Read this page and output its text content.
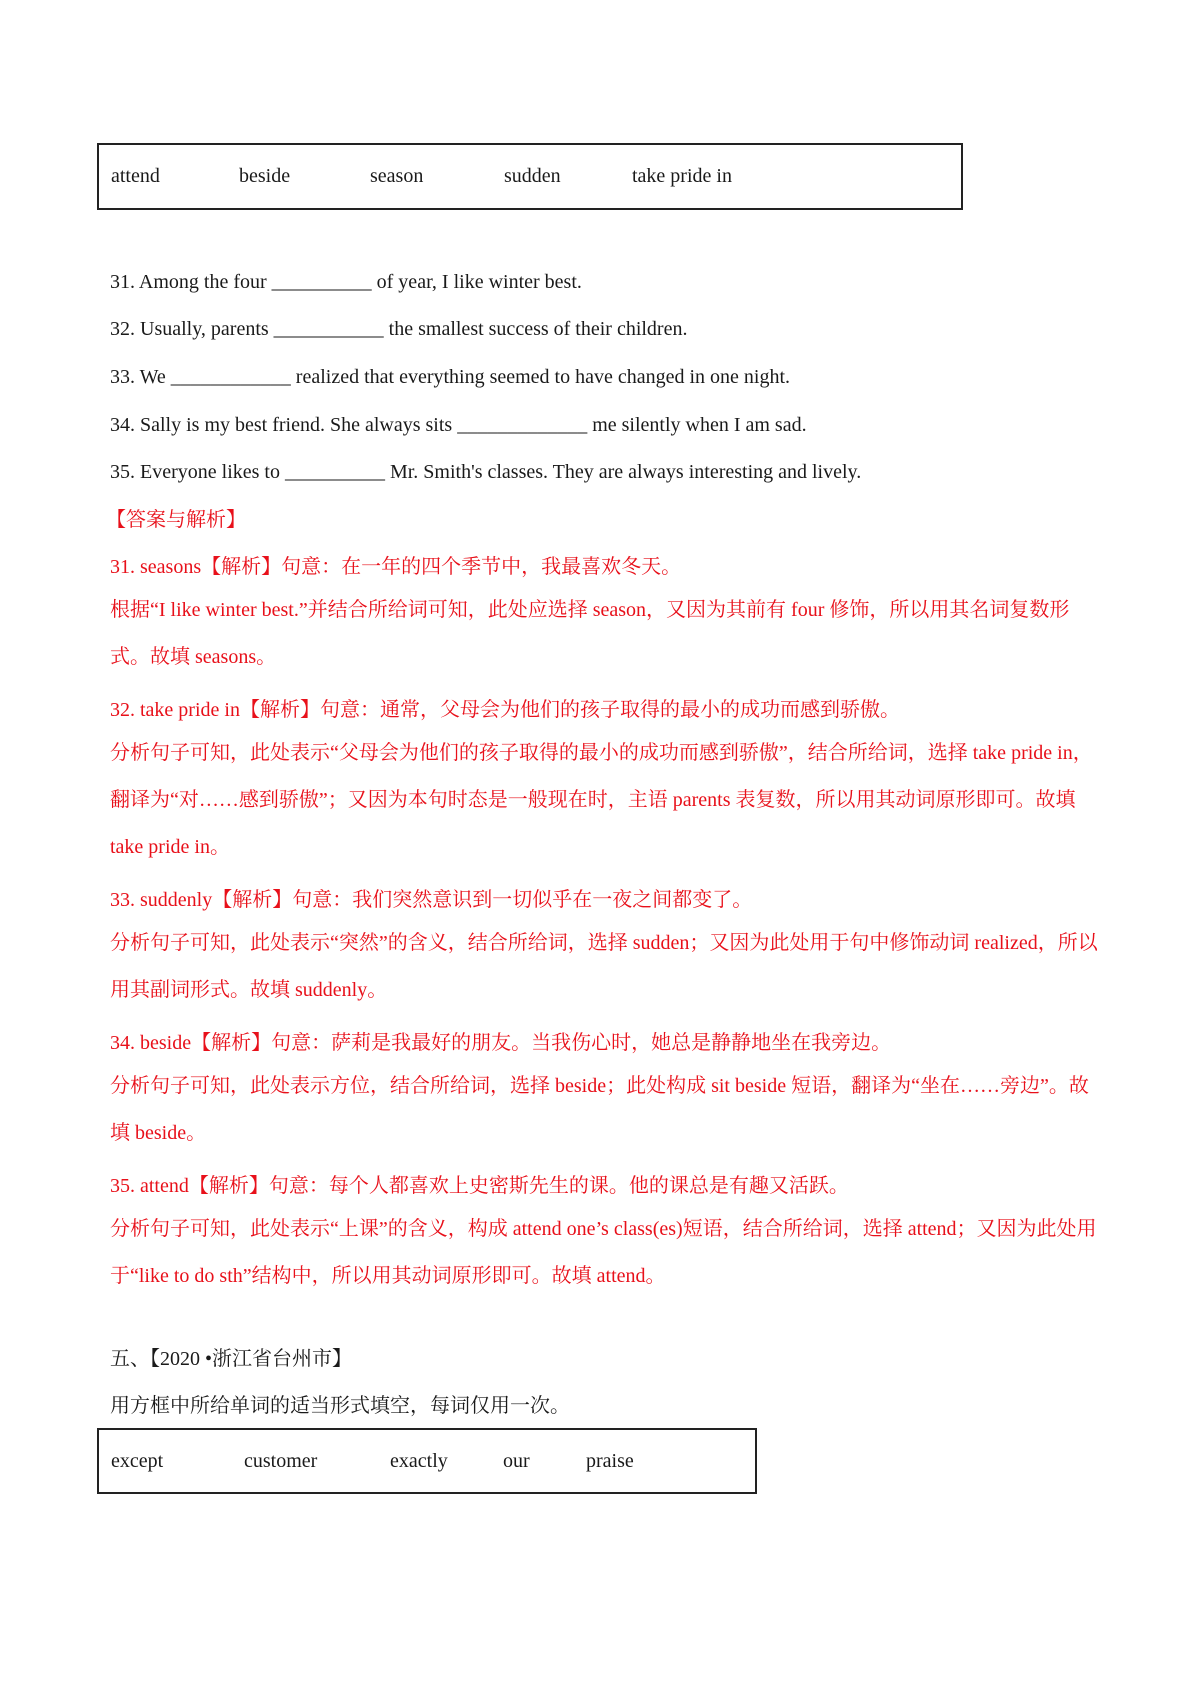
attend	beside	season	sudden	take pride in
31. Among the four __________ of year, I like winter best.
32. Usually, parents ___________ the smallest success of their children.
33. We ____________ realized that everything seemed to have changed in one night.
34. Sally is my best friend. She always sits _____________ me silently when I am sad.
35. Everyone likes to __________ Mr. Smith's classes. They are always interesting and lively.
【答案与解析】
31. seasons【解析】句意：在一年的四个季节中，我最喜欢冬天。
根据“I like winter best.”并结合所给词可知，此处应选择 season，又因为其前有 four 修饰，所以用其名词复数形式。故填 seasons。
32. take pride in【解析】句意：通常，父母会为他们的孩子取得的最小的成功而感到骄傲。
分析句子可知，此处表示“父母会为他们的孩子取得的最小的成功而感到骄傲”，结合所给词，选择 take pride in，翻译为“对……感到骄傲”；又因为本句时态是一般现在时，主语 parents 表复数，所以用其动词原形即可。故填 take pride in。
33. suddenly【解析】句意：我们突然意识到一切似乎在一夜之间都变了。
分析句子可知，此处表示“突然”的含义，结合所给词，选择 sudden；又因为此处用于句中修饰动词 realized，所以用其副词形式。故填 suddenly。
34. beside【解析】句意：萨莉是我最好的朋友。当我伤心时，她总是静静地坐在我旁边。
分析句子可知，此处表示方位，结合所给词，选择 beside；此处构成 sit beside 短语，翻译为“坐在……旁边”。故填 beside。
35. attend【解析】句意：每个人都喜欢上史密斯先生的课。他的课总是有趣又活跃。
分析句子可知，此处表示“上课”的含义，构成 attend one’s class(es)短语，结合所给词，选择 attend；又因为此处用于“like to do sth”结构中，所以用其动词原形即可。故填 attend。
五、【2020 •浙江省台州市】
用方框中所给单词的适当形式填空，每词仅用一次。
except	customer	exactly	our	praise
